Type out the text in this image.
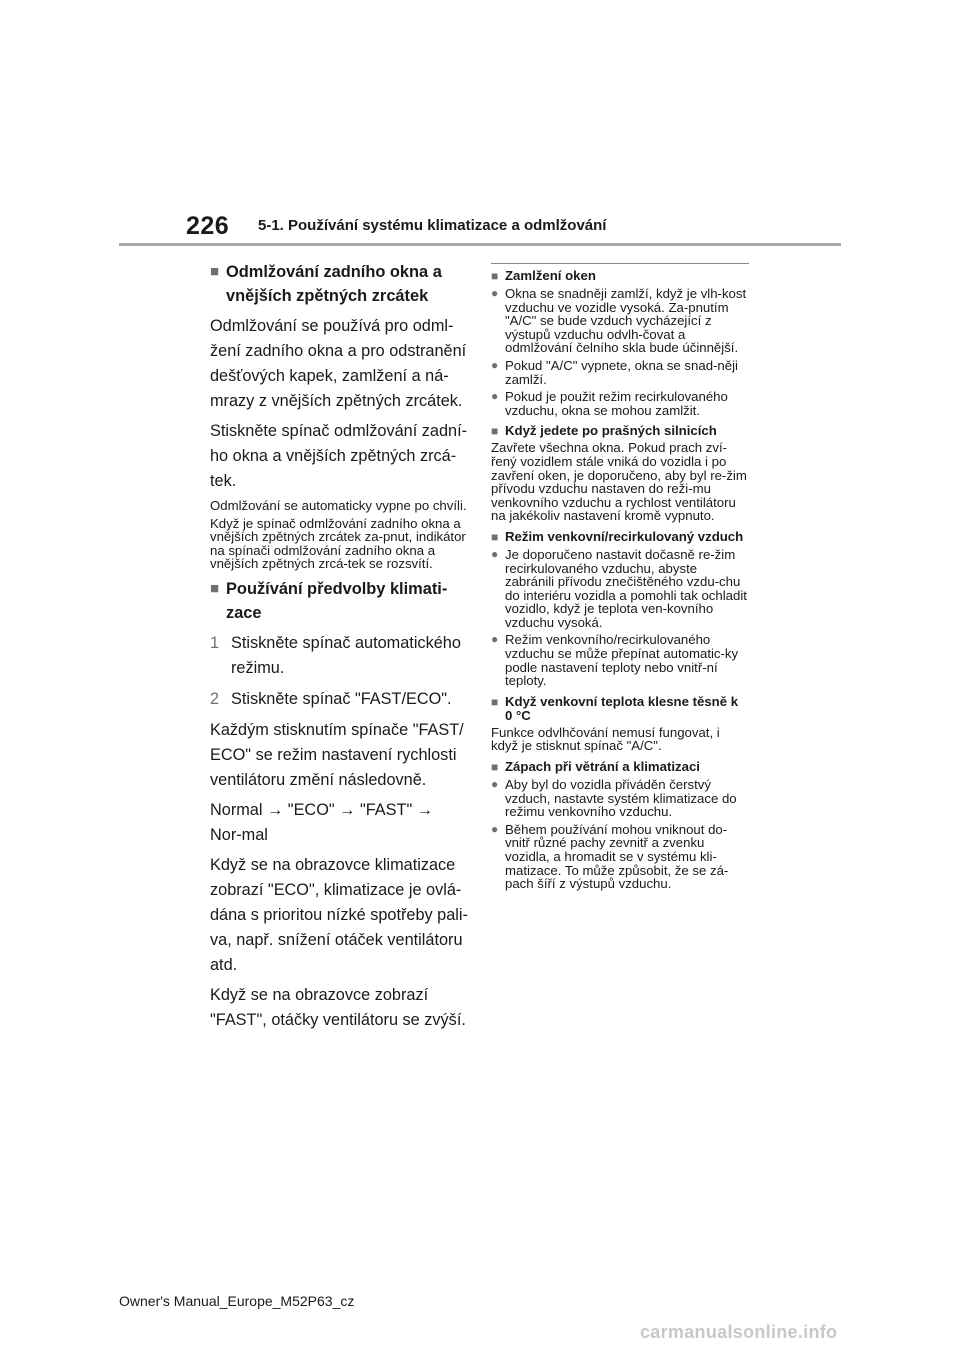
226 5-1. Používání systému klimatizace a odmlžování
■ Odmlžování zadního okna a vnějších zpětných zrcátek

Odmlžování se používá pro odml-žení zadního okna a pro odstranění dešťových kapek, zamlžení a ná-mrazy z vnějších zpětných zrcátek.

Stiskněte spínač odmlžování zadní-ho okna a vnějších zpětných zrcá-tek.

Odmlžování se automaticky vypne po chvíli.

Když je spínač odmlžování zadního okna a vnějších zpětných zrcátek za-pnut, indikátor na spínači odmlžování zadního okna a vnějších zpětných zrcá-tek se rozsvítí.

■ Používání předvolby klimati-zace
1 Stiskněte spínač automatického režimu.
2 Stiskněte spínač "FAST/ECO".

Každým stisknutím spínače "FAST/ ECO" se režim nastavení rychlosti ventilátoru změní následovně.

Normal → "ECO" → "FAST" → Nor-mal

Když se na obrazovce klimatizace zobrazí "ECO", klimatizace je ovlá-dána s prioritou nízké spotřeby pali-va, např. snížení otáček ventilátoru atd.

Když se na obrazovce zobrazí "FAST", otáčky ventilátoru se zvýší.

■ Zamlžení oken
● Okna se snadněji zamlží, když je vlh-kost vzduchu ve vozidle vysoká. Za-pnutím "A/C" se bude vzduch vycházející z výstupů vzduchu odvlh-čovat a odmlžování čelního skla bude účinnější.
● Pokud "A/C" vypnete, okna se snad-něji zamlží.
● Pokud je použit režim recirkulovaného vzduchu, okna se mohou zamlžit.
■ Když jedete po prašných silnicích

Zavřete všechna okna. Pokud prach zví-řený vozidlem stále vniká do vozidla i po zavření oken, je doporučeno, aby byl re-žim přívodu vzduchu nastaven do reži-mu venkovního vzduchu a rychlost ventilátoru na jakékoliv nastavení kromě vypnuto.

■ Režim venkovní/recirkulovaný vzduch
● Je doporučeno nastavit dočasně re-žim recirkulovaného vzduchu, abyste zabránili přívodu znečištěného vzdu-chu do interiéru vozidla a pomohli tak ochladit vozidlo, když je teplota ven-kovního vzduchu vysoká.
● Režim venkovního/recirkulovaného vzduchu se může přepínat automatic-ky podle nastavení teploty nebo vnitř-ní teploty.
■ Když venkovní teplota klesne těsně k 0 °C

Funkce odvlhčování nemusí fungovat, i když je stisknut spínač "A/C".

■ Zápach při větrání a klimatizaci
● Aby byl do vozidla přiváděn čerstvý vzduch, nastavte systém klimatizace do režimu venkovního vzduchu.
● Během používání mohou vniknout do-vnitř různé pachy zevnitř a zvenku vozidla, a hromadit se v systému kli-matizace. To může způsobit, že se zá-pach šíří z výstupů vzduchu.
Owner's Manual_Europe_M52P63_cz
carmanualsonline.info
